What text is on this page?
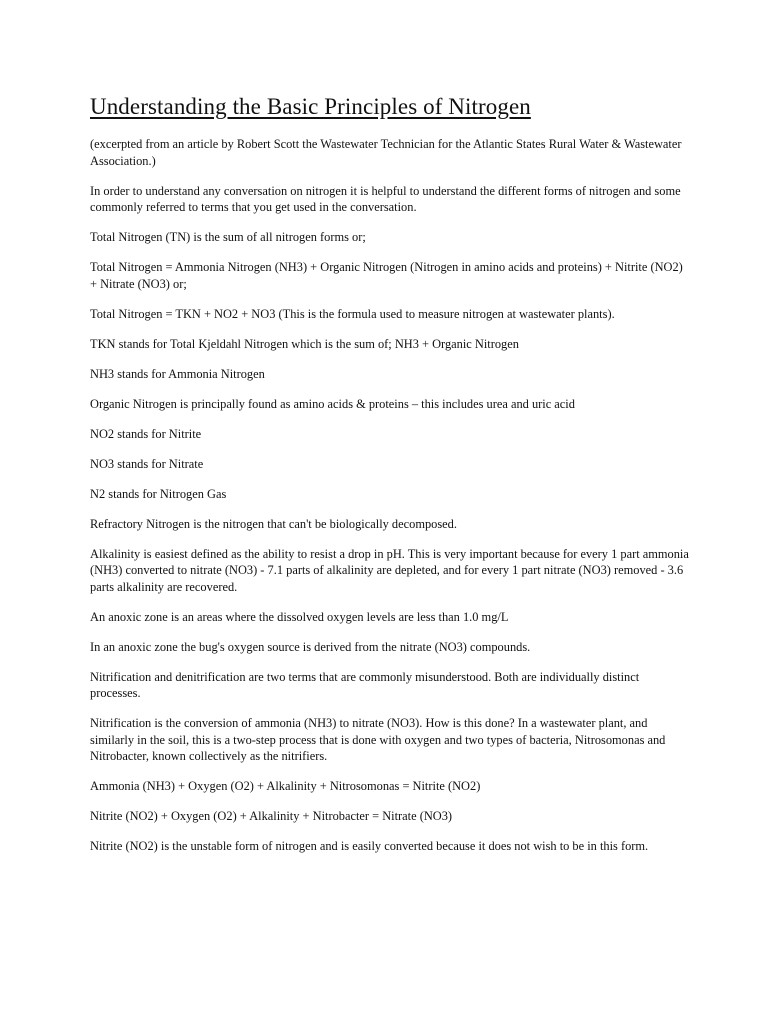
Understanding the Basic Principles of Nitrogen

(excerpted from an article by Robert Scott the Wastewater Technician for the Atlantic States Rural Water & Wastewater Association.)

In order to understand any conversation on nitrogen it is helpful to understand the different forms of nitrogen and some commonly referred to terms that you get used in the conversation.

Total Nitrogen (TN) is the sum of all nitrogen forms or;

Total Nitrogen = Ammonia Nitrogen (NH3) + Organic Nitrogen (Nitrogen in amino acids and proteins) + Nitrite (NO2) + Nitrate (NO3) or;

Total Nitrogen = TKN + NO2 + NO3 (This is the formula used to measure nitrogen at wastewater plants).

TKN stands for Total Kjeldahl Nitrogen which is the sum of; NH3 + Organic Nitrogen

NH3 stands for Ammonia Nitrogen

Organic Nitrogen is principally found as amino acids & proteins – this includes urea and uric acid

NO2 stands for Nitrite

NO3 stands for Nitrate

N2 stands for Nitrogen Gas

Refractory Nitrogen is the nitrogen that can't be biologically decomposed.

Alkalinity is easiest defined as the ability to resist a drop in pH. This is very important because for every 1 part ammonia (NH3) converted to nitrate (NO3) - 7.1 parts of alkalinity are depleted, and for every 1 part nitrate (NO3) removed - 3.6 parts alkalinity are recovered.

An anoxic zone is an areas where the dissolved oxygen levels are less than 1.0 mg/L

In an anoxic zone the bug's oxygen source is derived from the nitrate (NO3) compounds.

Nitrification and denitrification are two terms that are commonly misunderstood. Both are individually distinct processes.

Nitrification is the conversion of ammonia (NH3) to nitrate (NO3). How is this done? In a wastewater plant, and similarly in the soil, this is a two-step process that is done with oxygen and two types of bacteria, Nitrosomonas and Nitrobacter, known collectively as the nitrifiers.

Ammonia (NH3) + Oxygen (O2) + Alkalinity + Nitrosomonas = Nitrite (NO2)

Nitrite (NO2) + Oxygen (O2) + Alkalinity + Nitrobacter = Nitrate (NO3)

Nitrite (NO2) is the unstable form of nitrogen and is easily converted because it does not wish to be in this form.
